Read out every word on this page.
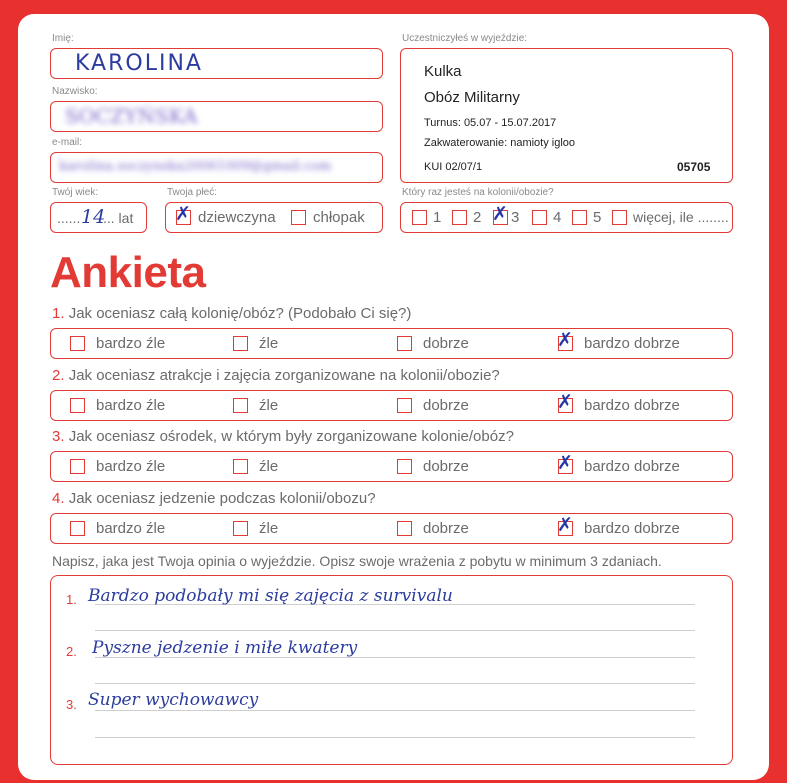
Imię:
KAROLINA
Nazwisko:
SOCZYŃSKA
e-mail:
karolina.soczynska20061009@gmail.com
Twój wiek:
...... 14
... lat
Twoja płeć:
✗ dziewczyna chłopak
Uczestniczyłeś w wyjeździe:
Kulka
Obóz Militarny
Turnus: 05.07 - 15.07.2017
Zakwaterowanie: namioty igloo
KUI 02/07/1	05705
Który raz jesteś na kolonii/obozie?
1 2 ✗ 3 4 5 więcej, ile ........
Ankieta
1. Jak oceniasz całą kolonię/obóz? (Podobało Ci się?)
bardzo źle	źle	dobrze	✗ bardzo dobrze
2. Jak oceniasz atrakcje i zajęcia zorganizowane na kolonii/obozie?
bardzo źle	źle	dobrze	✗ bardzo dobrze
3. Jak oceniasz ośrodek, w którym były zorganizowane kolonie/obóz?
bardzo źle	źle	dobrze	✗ bardzo dobrze
4. Jak oceniasz jedzenie podczas kolonii/obozu?
bardzo źle	źle	dobrze	✗ bardzo dobrze
Napisz, jaka jest Twoja opinia o wyjeździe. Opisz swoje wrażenia z pobytu w minimum 3 zdaniach.
1. Bardzo podobały mi się zajęcia z survivalu
2. Pyszne jedzenie i miłe kwatery
3. Super wychowawcy
